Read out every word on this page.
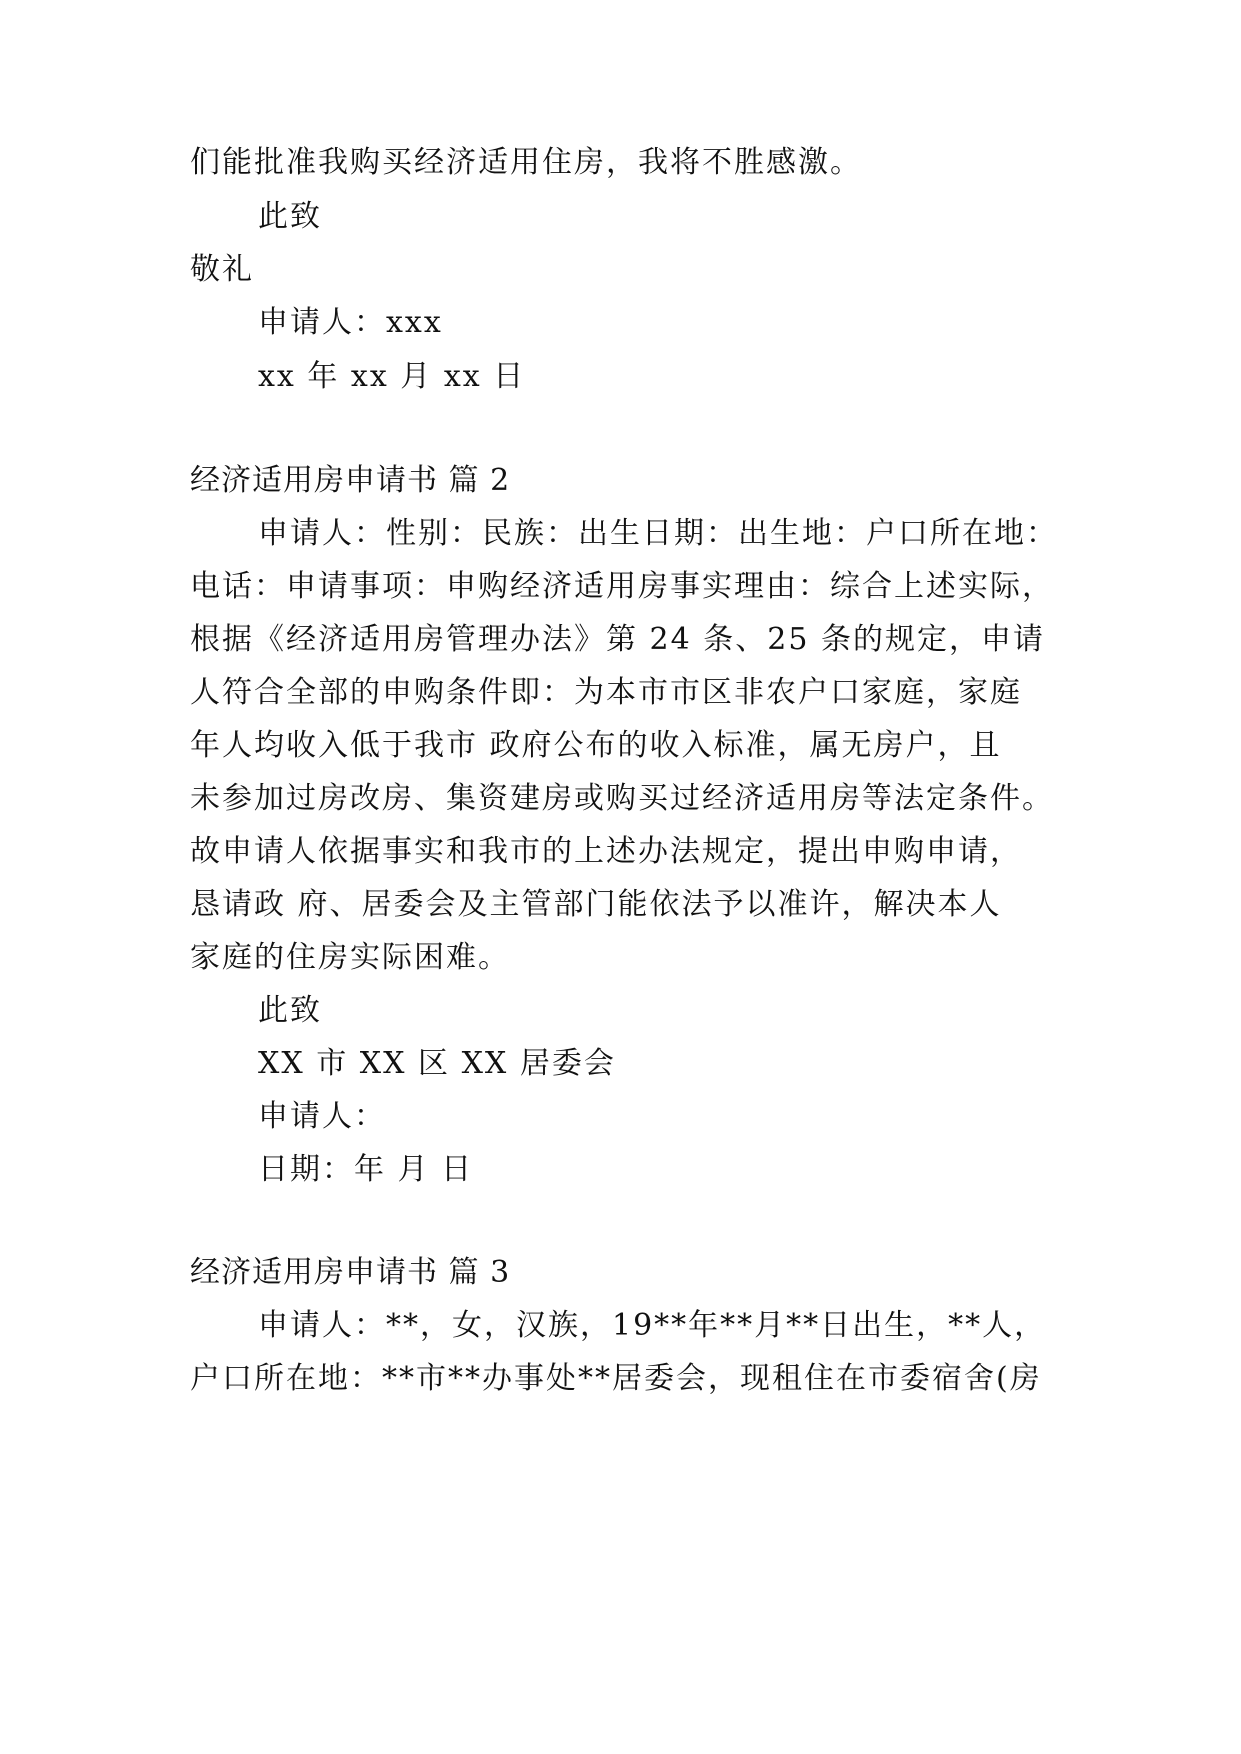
们能批准我购买经济适用住房，我将不胜感激。
此致
敬礼
申请人：xxx
xx 年 xx 月 xx 日
经济适用房申请书 篇 2
申请人：性别：民族：出生日期：出生地：户口所在地：
电话：申请事项：申购经济适用房事实理由：综合上述实际，
根据《经济适用房管理办法》第 24 条、25 条的规定，申请
人符合全部的申购条件即：为本市市区非农户口家庭，家庭
年人均收入低于我市 政府公布的收入标准，属无房户，且
未参加过房改房、集资建房或购买过经济适用房等法定条件。
故申请人依据事实和我市的上述办法规定，提出申购申请，
恳请政 府、居委会及主管部门能依法予以准许，解决本人
家庭的住房实际困难。
此致
XX 市 XX 区 XX 居委会
申请人：
日期：年 月 日
经济适用房申请书 篇 3
申请人：**，女，汉族，19**年**月**日出生，**人，
户口所在地：**市**办事处**居委会，现租住在市委宿舍(房
